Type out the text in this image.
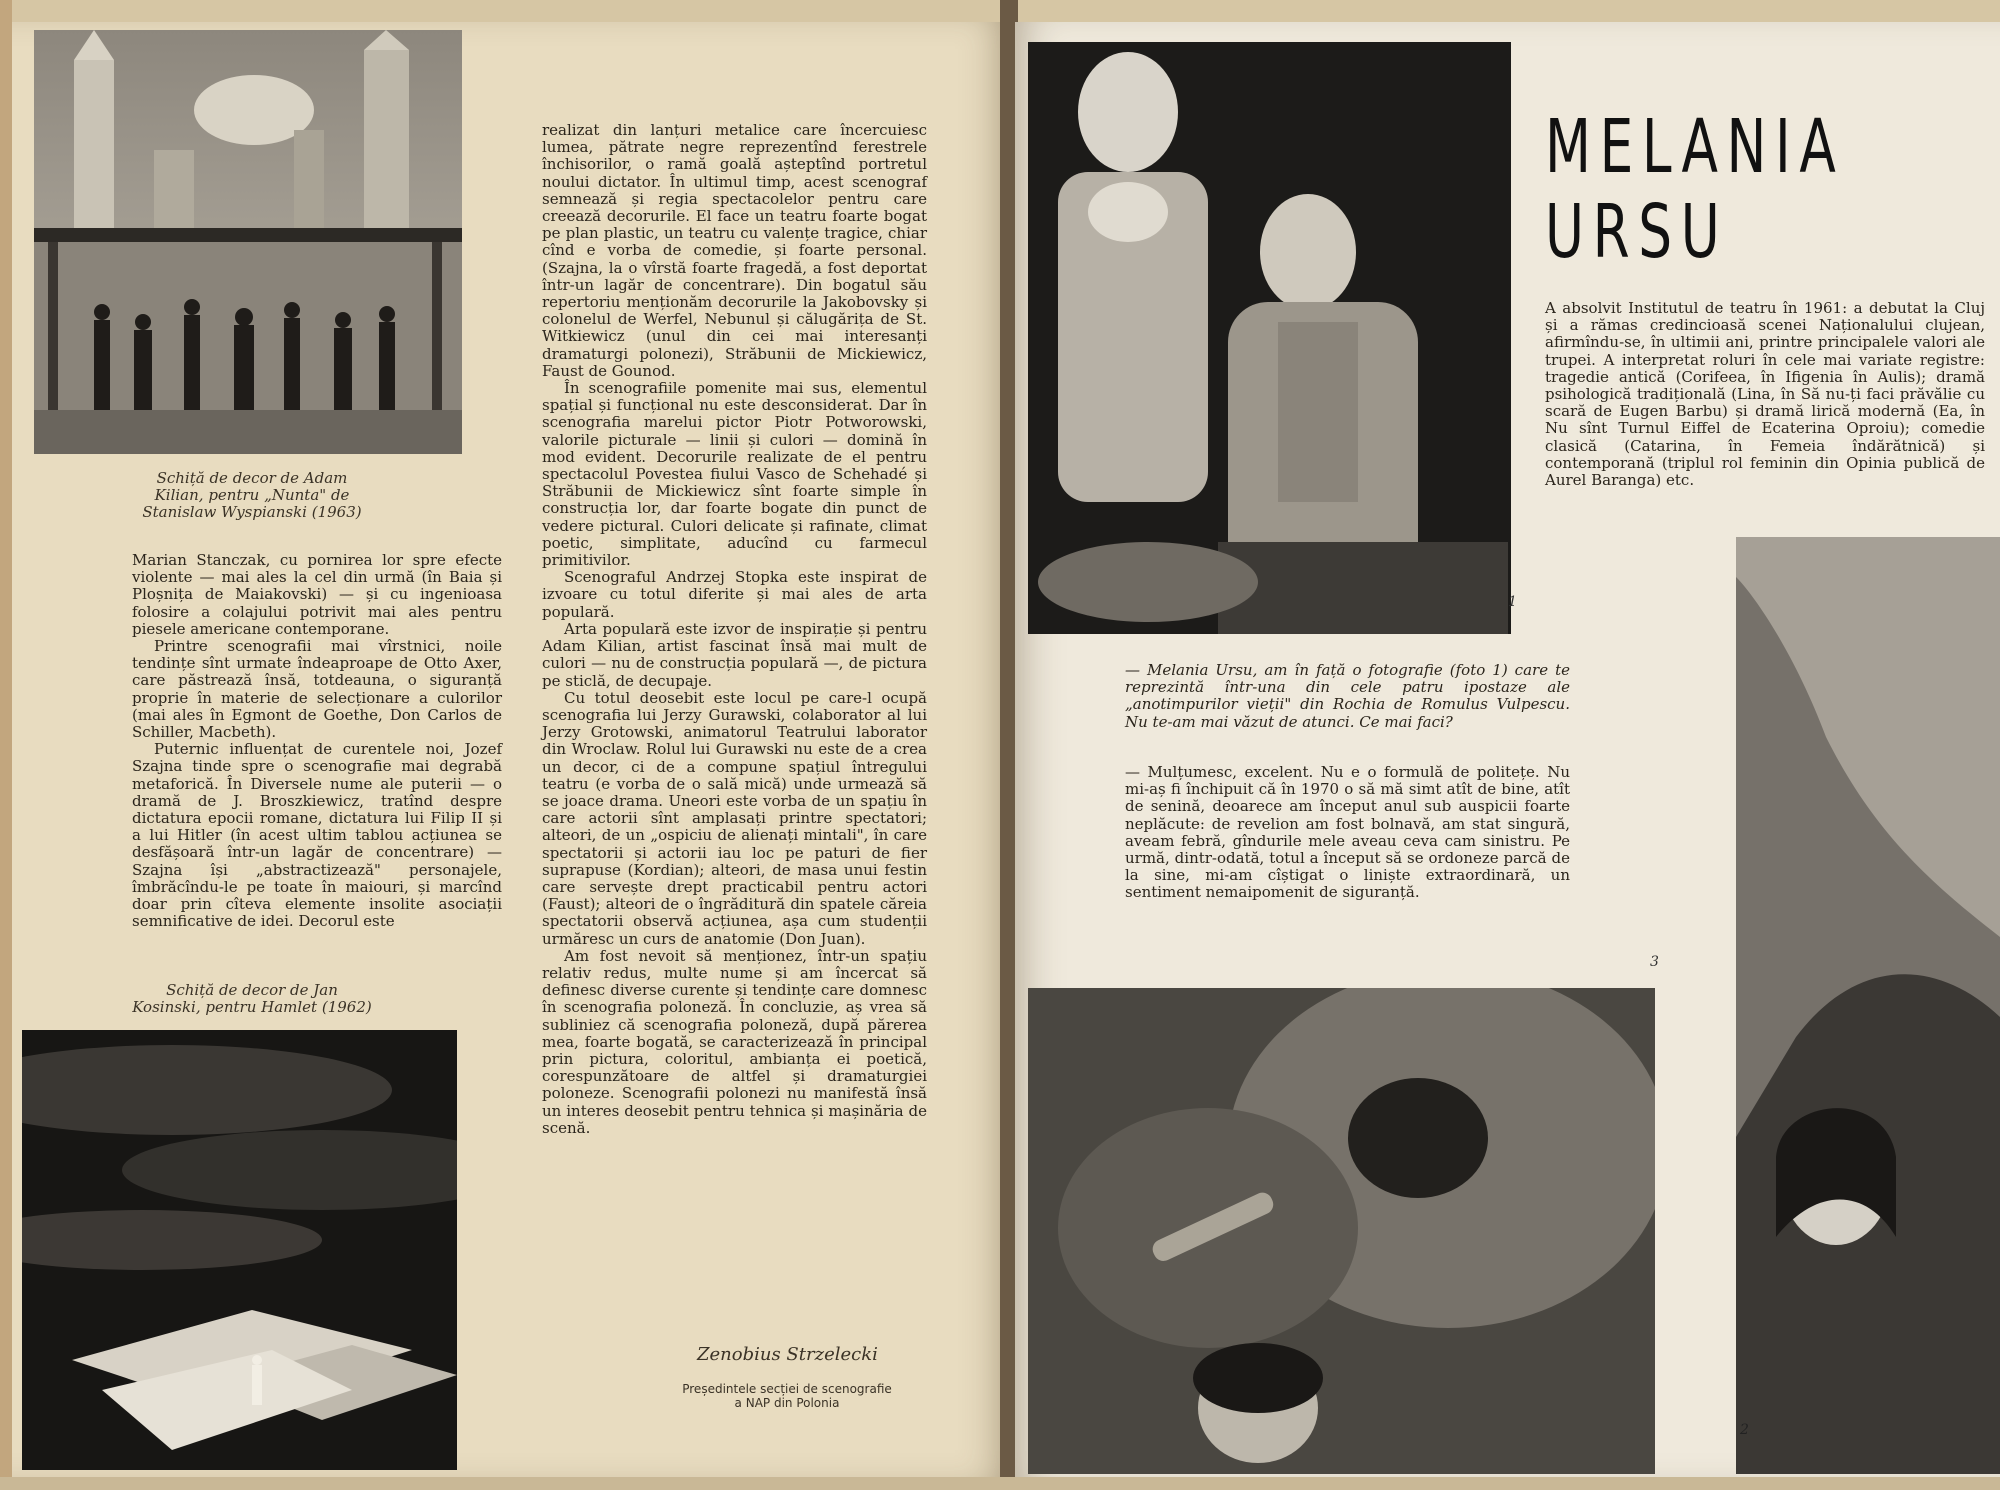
Schiță de decor de Adam Kilian, pentru „Nunta" de Stanislaw Wyspianski (1963)

Marian Stanczak, cu pornirea lor spre efecte violente — mai ales la cel din urmă (în Baia și Ploșnița de Maiakovski) — și cu ingenioasa folosire a colajului potrivit mai ales pentru piesele americane contemporane.

Printre scenografii mai vîrstnici, noile tendințe sînt urmate îndeaproape de Otto Axer, care păstrează însă, totdeauna, o siguranță proprie în materie de selecționare a culorilor (mai ales în Egmont de Goethe, Don Carlos de Schiller, Macbeth).

Puternic influențat de curentele noi, Jozef Szajna tinde spre o scenografie mai degrabă metaforică. În Diversele nume ale puterii — o dramă de J. Broszkiewicz, tratînd despre dictatura epocii romane, dictatura lui Filip II și a lui Hitler (în acest ultim tablou acțiunea se desfășoară într-un lagăr de concentrare) — Szajna își „abstractizează" personajele, îmbrăcîndu-le pe toate în maiouri, și marcînd doar prin cîteva elemente insolite asociații semnificative de idei. Decorul este

Schiță de decor de Jan Kosinski, pentru Hamlet (1962)

realizat din lanțuri metalice care încercuiesc lumea, pătrate negre reprezentînd ferestrele închisorilor, o ramă goală așteptînd portretul noului dictator. În ultimul timp, acest scenograf semnează și regia spectacolelor pentru care creează decorurile. El face un teatru foarte bogat pe plan plastic, un teatru cu valențe tragice, chiar cînd e vorba de comedie, și foarte personal. (Szajna, la o vîrstă foarte fragedă, a fost deportat într-un lagăr de concentrare). Din bogatul său repertoriu menționăm decorurile la Jakobovsky și colonelul de Werfel, Nebunul și călugărița de St. Witkiewicz (unul din cei mai interesanți dramaturgi polonezi), Străbunii de Mickiewicz, Faust de Gounod.

În scenografiile pomenite mai sus, elementul spațial și funcțional nu este desconsiderat. Dar în scenografia marelui pictor Piotr Potworowski, valorile picturale — linii și culori — domină în mod evident. Decorurile realizate de el pentru spectacolul Povestea fiului Vasco de Schehadé și Străbunii de Mickiewicz sînt foarte simple în construcția lor, dar foarte bogate din punct de vedere pictural. Culori delicate și rafinate, climat poetic, simplitate, aducînd cu farmecul primitivilor.

Scenograful Andrzej Stopka este inspirat de izvoare cu totul diferite și mai ales de arta populară.

Arta populară este izvor de inspirație și pentru Adam Kilian, artist fascinat însă mai mult de culori — nu de construcția populară —, de pictura pe sticlă, de decupaje.

Cu totul deosebit este locul pe care-l ocupă scenografia lui Jerzy Gurawski, colaborator al lui Jerzy Grotowski, animatorul Teatrului laborator din Wroclaw. Rolul lui Gurawski nu este de a crea un decor, ci de a compune spațiul întregului teatru (e vorba de o sală mică) unde urmează să se joace drama. Uneori este vorba de un spațiu în care actorii sînt amplasați printre spectatori; alteori, de un „ospiciu de alienați mintali", în care spectatorii și actorii iau loc pe paturi de fier suprapuse (Kordian); alteori, de masa unui festin care servește drept practicabil pentru actori (Faust); alteori de o îngrăditură din spatele căreia spectatorii observă acțiunea, așa cum studenții urmăresc un curs de anatomie (Don Juan).

Am fost nevoit să menționez, într-un spațiu relativ redus, multe nume și am încercat să definesc diverse curente și tendințe care domnesc în scenografia poloneză. În concluzie, aș vrea să subliniez că scenografia poloneză, după părerea mea, foarte bogată, se caracterizează în principal prin pictura, coloritul, ambianța ei poetică, corespunzătoare de altfel și dramaturgiei poloneze. Scenografii polonezi nu manifestă însă un interes deosebit pentru tehnica și mașinăria de scenă.

Zenobius Strzelecki
Președintele secției de scenografie
a NAP din Polonia
1
MELANIA
URSU
A absolvit Institutul de teatru în 1961: a debutat la Cluj și a rămas credincioasă scenei Naționalului clujean, afirmîndu-se, în ultimii ani, printre principalele valori ale trupei. A interpretat roluri în cele mai variate registre: tragedie antică (Corifeea, în Ifigenia în Aulis); dramă psihologică tradițională (Lina, în Să nu-ți faci prăvălie cu scară de Eugen Barbu) și dramă lirică modernă (Ea, în Nu sînt Turnul Eiffel de Ecaterina Oproiu); comedie clasică (Catarina, în Femeia îndărătnică) și contemporană (triplul rol feminin din Opinia publică de Aurel Baranga) etc.
— Melania Ursu, am în față o fotografie (foto 1) care te reprezintă într-una din cele patru ipostaze ale „anotimpurilor vieții" din Rochia de Romulus Vulpescu. Nu te-am mai văzut de atunci. Ce mai faci?
— Mulțumesc, excelent. Nu e o formulă de politețe. Nu mi-aș fi închipuit că în 1970 o să mă simt atît de bine, atît de senină, deoarece am început anul sub auspicii foarte neplăcute: de revelion am fost bolnavă, am stat singură, aveam febră, gîndurile mele aveau ceva cam sinistru. Pe urmă, dintr-odată, totul a început să se ordoneze parcă de la sine, mi-am cîștigat o liniște extraordinară, un sentiment nemaipomenit de siguranță.
3
2
